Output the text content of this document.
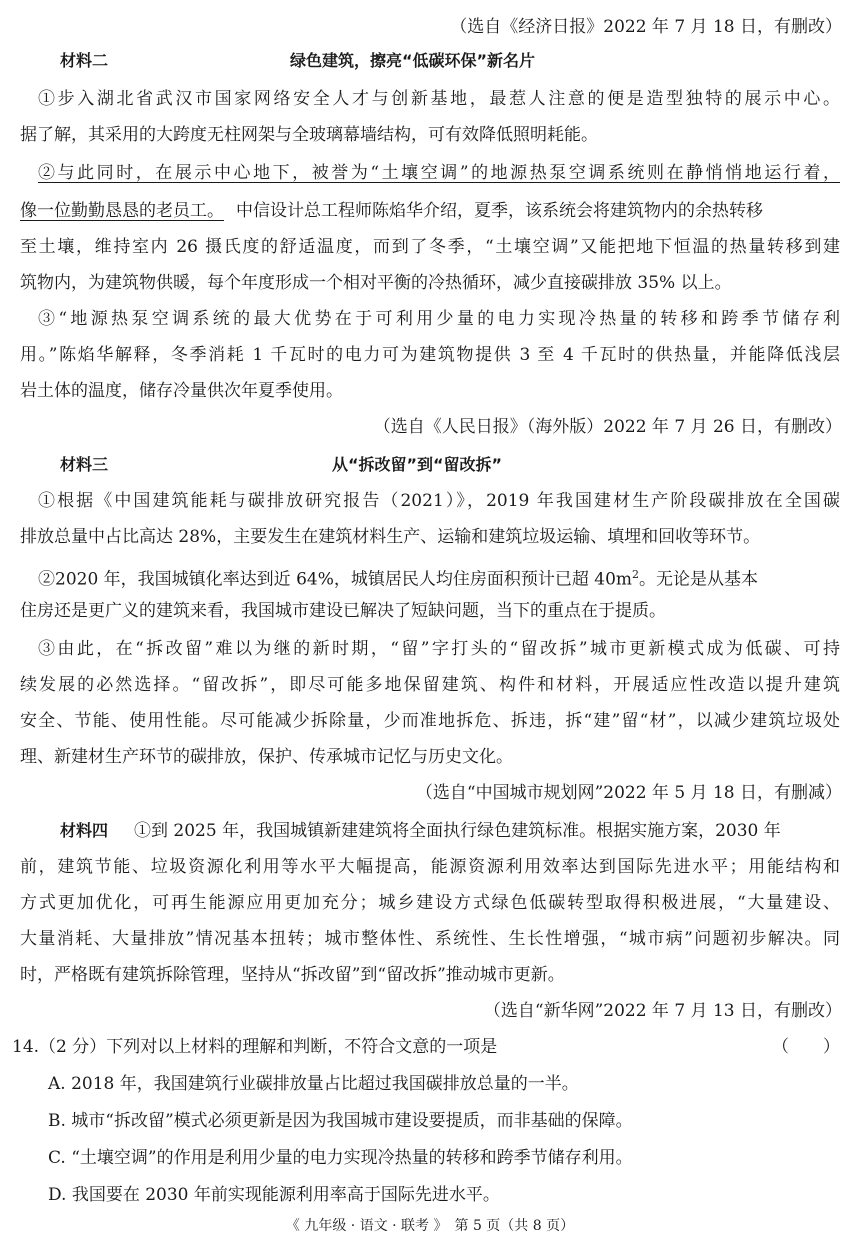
（选自《经济日报》2022 年 7 月 18 日，有删改）
材料二	绿色建筑，擦亮“低碳环保”新名片
①步入湖北省武汉市国家网络安全人才与创新基地，最惹人注意的便是造型独特的展示中心。
据了解，其采用的大跨度无柱网架与全玻璃幕墙结构，可有效降低照明耗能。
②与此同时，在展示中心地下，被誉为“土壤空调”的地源热泵空调系统则在静悄悄地运行着，
像一位勤勤恳恳的老员工。 中信设计总工程师陈焰华介绍，夏季，该系统会将建筑物内的余热转移
至土壤，维持室内 26 摄氏度的舒适温度，而到了冬季，“土壤空调”又能把地下恒温的热量转移到建
筑物内，为建筑物供暖，每个年度形成一个相对平衡的冷热循环，减少直接碳排放 35% 以上。
③“地源热泵空调系统的最大优势在于可利用少量的电力实现冷热量的转移和跨季节储存利
用。”陈焰华解释，冬季消耗 1 千瓦时的电力可为建筑物提供 3 至 4 千瓦时的供热量，并能降低浅层
岩土体的温度，储存冷量供次年夏季使用。
（选自《人民日报》（海外版）2022 年 7 月 26 日，有删改）
材料三	从“拆改留”到“留改拆”
①根据《中国建筑能耗与碳排放研究报告（2021）》，2019 年我国建材生产阶段碳排放在全国碳
排放总量中占比高达 28%，主要发生在建筑材料生产、运输和建筑垃圾运输、填埋和回收等环节。
②2020 年，我国城镇化率达到近 64%，城镇居民人均住房面积预计已超 $40m^2$。无论是从基本
住房还是更广义的建筑来看，我国城市建设已解决了短缺问题，当下的重点在于提质。
③由此，在“拆改留”难以为继的新时期，“留”字打头的“留改拆”城市更新模式成为低碳、可持
续发展的必然选择。“留改拆”，即尽可能多地保留建筑、构件和材料，开展适应性改造以提升建筑
安全、节能、使用性能。尽可能减少拆除量，少而准地拆危、拆违，拆“建”留“材”，以减少建筑垃圾处
理、新建材生产环节的碳排放，保护、传承城市记忆与历史文化。
（选自“中国城市规划网”2022 年 5 月 18 日，有删减）
材料四 ①到 2025 年，我国城镇新建建筑将全面执行绿色建筑标准。根据实施方案，2030 年
前，建筑节能、垃圾资源化利用等水平大幅提高，能源资源利用效率达到国际先进水平；用能结构和
方式更加优化，可再生能源应用更加充分；城乡建设方式绿色低碳转型取得积极进展，“大量建设、
大量消耗、大量排放”情况基本扭转；城市整体性、系统性、生长性增强，“城市病”问题初步解决。同
时，严格既有建筑拆除管理，坚持从“拆改留”到“留改拆”推动城市更新。
（选自“新华网”2022 年 7 月 13 日，有删改）
14.（2 分）下列对以上材料的理解和判断，不符合文意的一项是	（　　）
A. 2018 年，我国建筑行业碳排放量占比超过我国碳排放总量的一半。
B. 城市“拆改留”模式必须更新是因为我国城市建设要提质，而非基础的保障。
C. “土壤空调”的作用是利用少量的电力实现冷热量的转移和跨季节储存利用。
D. 我国要在 2030 年前实现能源利用率高于国际先进水平。
《 九年级 · 语文 · 联考 》　第 5 页（共 8 页）
